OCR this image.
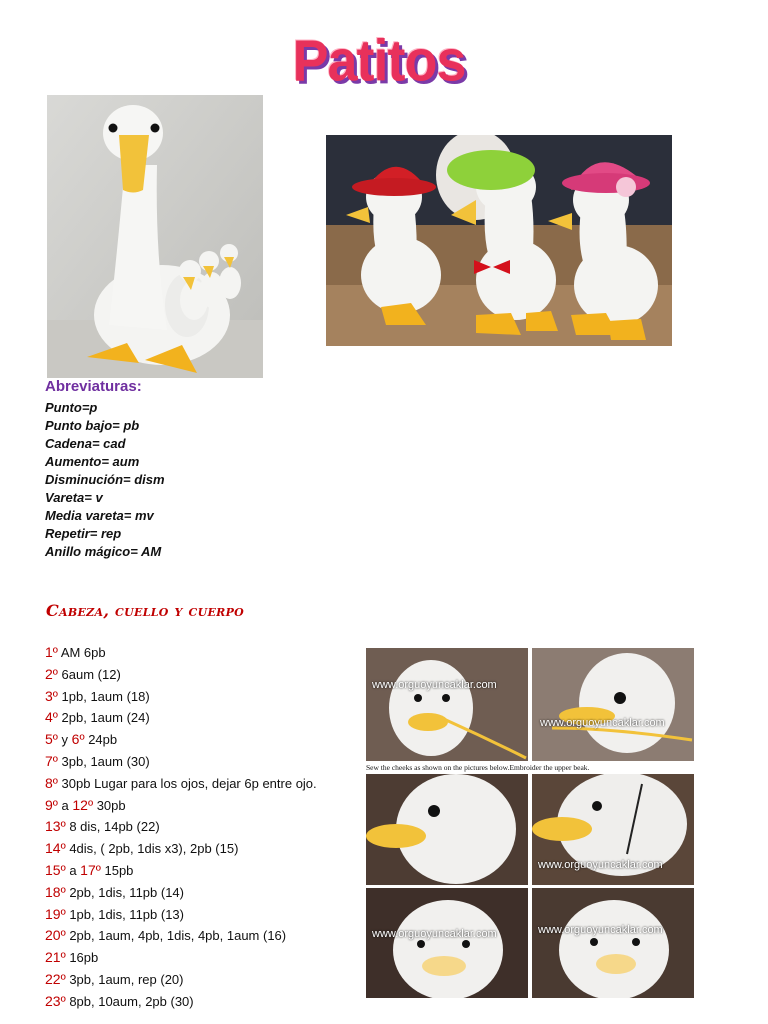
Patitos
Abreviaturas:
Punto=p
Punto bajo= pb
Cadena= cad
Aumento= aum
Disminución= dism
Vareta= v
Media vareta= mv
Repetir= rep
Anillo mágico= AM
Cabeza, cuello y cuerpo
1º AM 6pb
2º 6aum (12)
3º 1pb, 1aum (18)
4º 2pb, 1aum (24)
5º y 6º 24pb
7º 3pb, 1aum (30)
8º 30pb Lugar para los ojos, dejar 6p entre ojo.
9º a 12º 30pb
13º 8 dis, 14pb (22)
14º 4dis, ( 2pb, 1dis x3), 2pb (15)
15º a 17º 15pb
18º 2pb, 1dis, 11pb (14)
19º 1pb, 1dis, 11pb (13)
20º 2pb, 1aum, 4pb, 1dis, 4pb, 1aum (16)
21º 16pb
22º 3pb, 1aum, rep (20)
23º 8pb, 10aum, 2pb (30)
www.orguoyuncaklar.com
www.orguoyuncaklar.com
Sew the cheeks as shown on the pictures below.Embroider the upper beak.
www.orguoyuncaklar.com
www.orguoyuncaklar.com	www.orguoyuncaklar.com
